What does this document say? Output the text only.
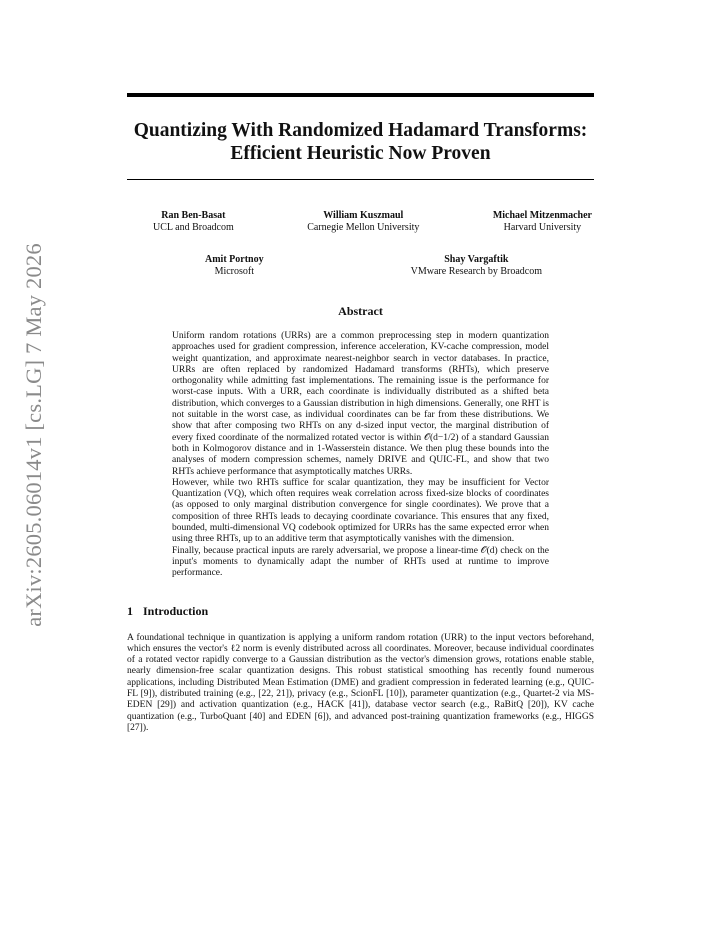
arXiv:2605.06014v1 [cs.LG] 7 May 2026
Quantizing With Randomized Hadamard Transforms:
Efficient Heuristic Now Proven
Ran Ben-Basat
UCL and Broadcom
William Kuszmaul
Carnegie Mellon University
Michael Mitzenmacher
Harvard University
Amit Portnoy
Microsoft
Shay Vargaftik
VMware Research by Broadcom
Abstract

Uniform random rotations (URRs) are a common preprocessing step in modern quantization approaches used for gradient compression, inference acceleration, KV-cache compression, model weight quantization, and approximate nearest-neighbor search in vector databases. In practice, URRs are often replaced by randomized Hadamard transforms (RHTs), which preserve orthogonality while admitting fast implementations. The remaining issue is the performance for worst-case inputs. With a URR, each coordinate is individually distributed as a shifted beta distribution, which converges to a Gaussian distribution in high dimensions. Generally, one RHT is not suitable in the worst case, as individual coordinates can be far from these distributions. We show that after composing two RHTs on any d-sized input vector, the marginal distribution of every fixed coordinate of the normalized rotated vector is within 𝒪(d−1/2) of a standard Gaussian both in Kolmogorov distance and in 1-Wasserstein distance. We then plug these bounds into the analyses of modern compression schemes, namely DRIVE and QUIC-FL, and show that two RHTs achieve performance that asymptotically matches URRs.

However, while two RHTs suffice for scalar quantization, they may be insufficient for Vector Quantization (VQ), which often requires weak correlation across fixed-size blocks of coordinates (as opposed to only marginal distribution convergence for single coordinates). We prove that a composition of three RHTs leads to decaying coordinate covariance. This ensures that any fixed, bounded, multi-dimensional VQ codebook optimized for URRs has the same expected error when using three RHTs, up to an additive term that asymptotically vanishes with the dimension.

Finally, because practical inputs are rarely adversarial, we propose a linear-time 𝒪(d) check on the input's moments to dynamically adapt the number of RHTs used at runtime to improve performance.

1 Introduction

A foundational technique in quantization is applying a uniform random rotation (URR) to the input vectors beforehand, which ensures the vector's ℓ2 norm is evenly distributed across all coordinates. Moreover, because individual coordinates of a rotated vector rapidly converge to a Gaussian distribution as the vector's dimension grows, rotations enable stable, nearly dimension-free scalar quantization designs. This robust statistical smoothing has recently found numerous applications, including Distributed Mean Estimation (DME) and gradient compression in federated learning (e.g., QUIC-FL [9]), distributed training (e.g., [22, 21]), privacy (e.g., ScionFL [10]), parameter quantization (e.g., Quartet-2 via MS-EDEN [29]) and activation quantization (e.g., HACK [41]), database vector search (e.g., RaBitQ [20]), KV cache quantization (e.g., TurboQuant [40] and EDEN [6]), and advanced post-training quantization frameworks (e.g., HIGGS [27]).
